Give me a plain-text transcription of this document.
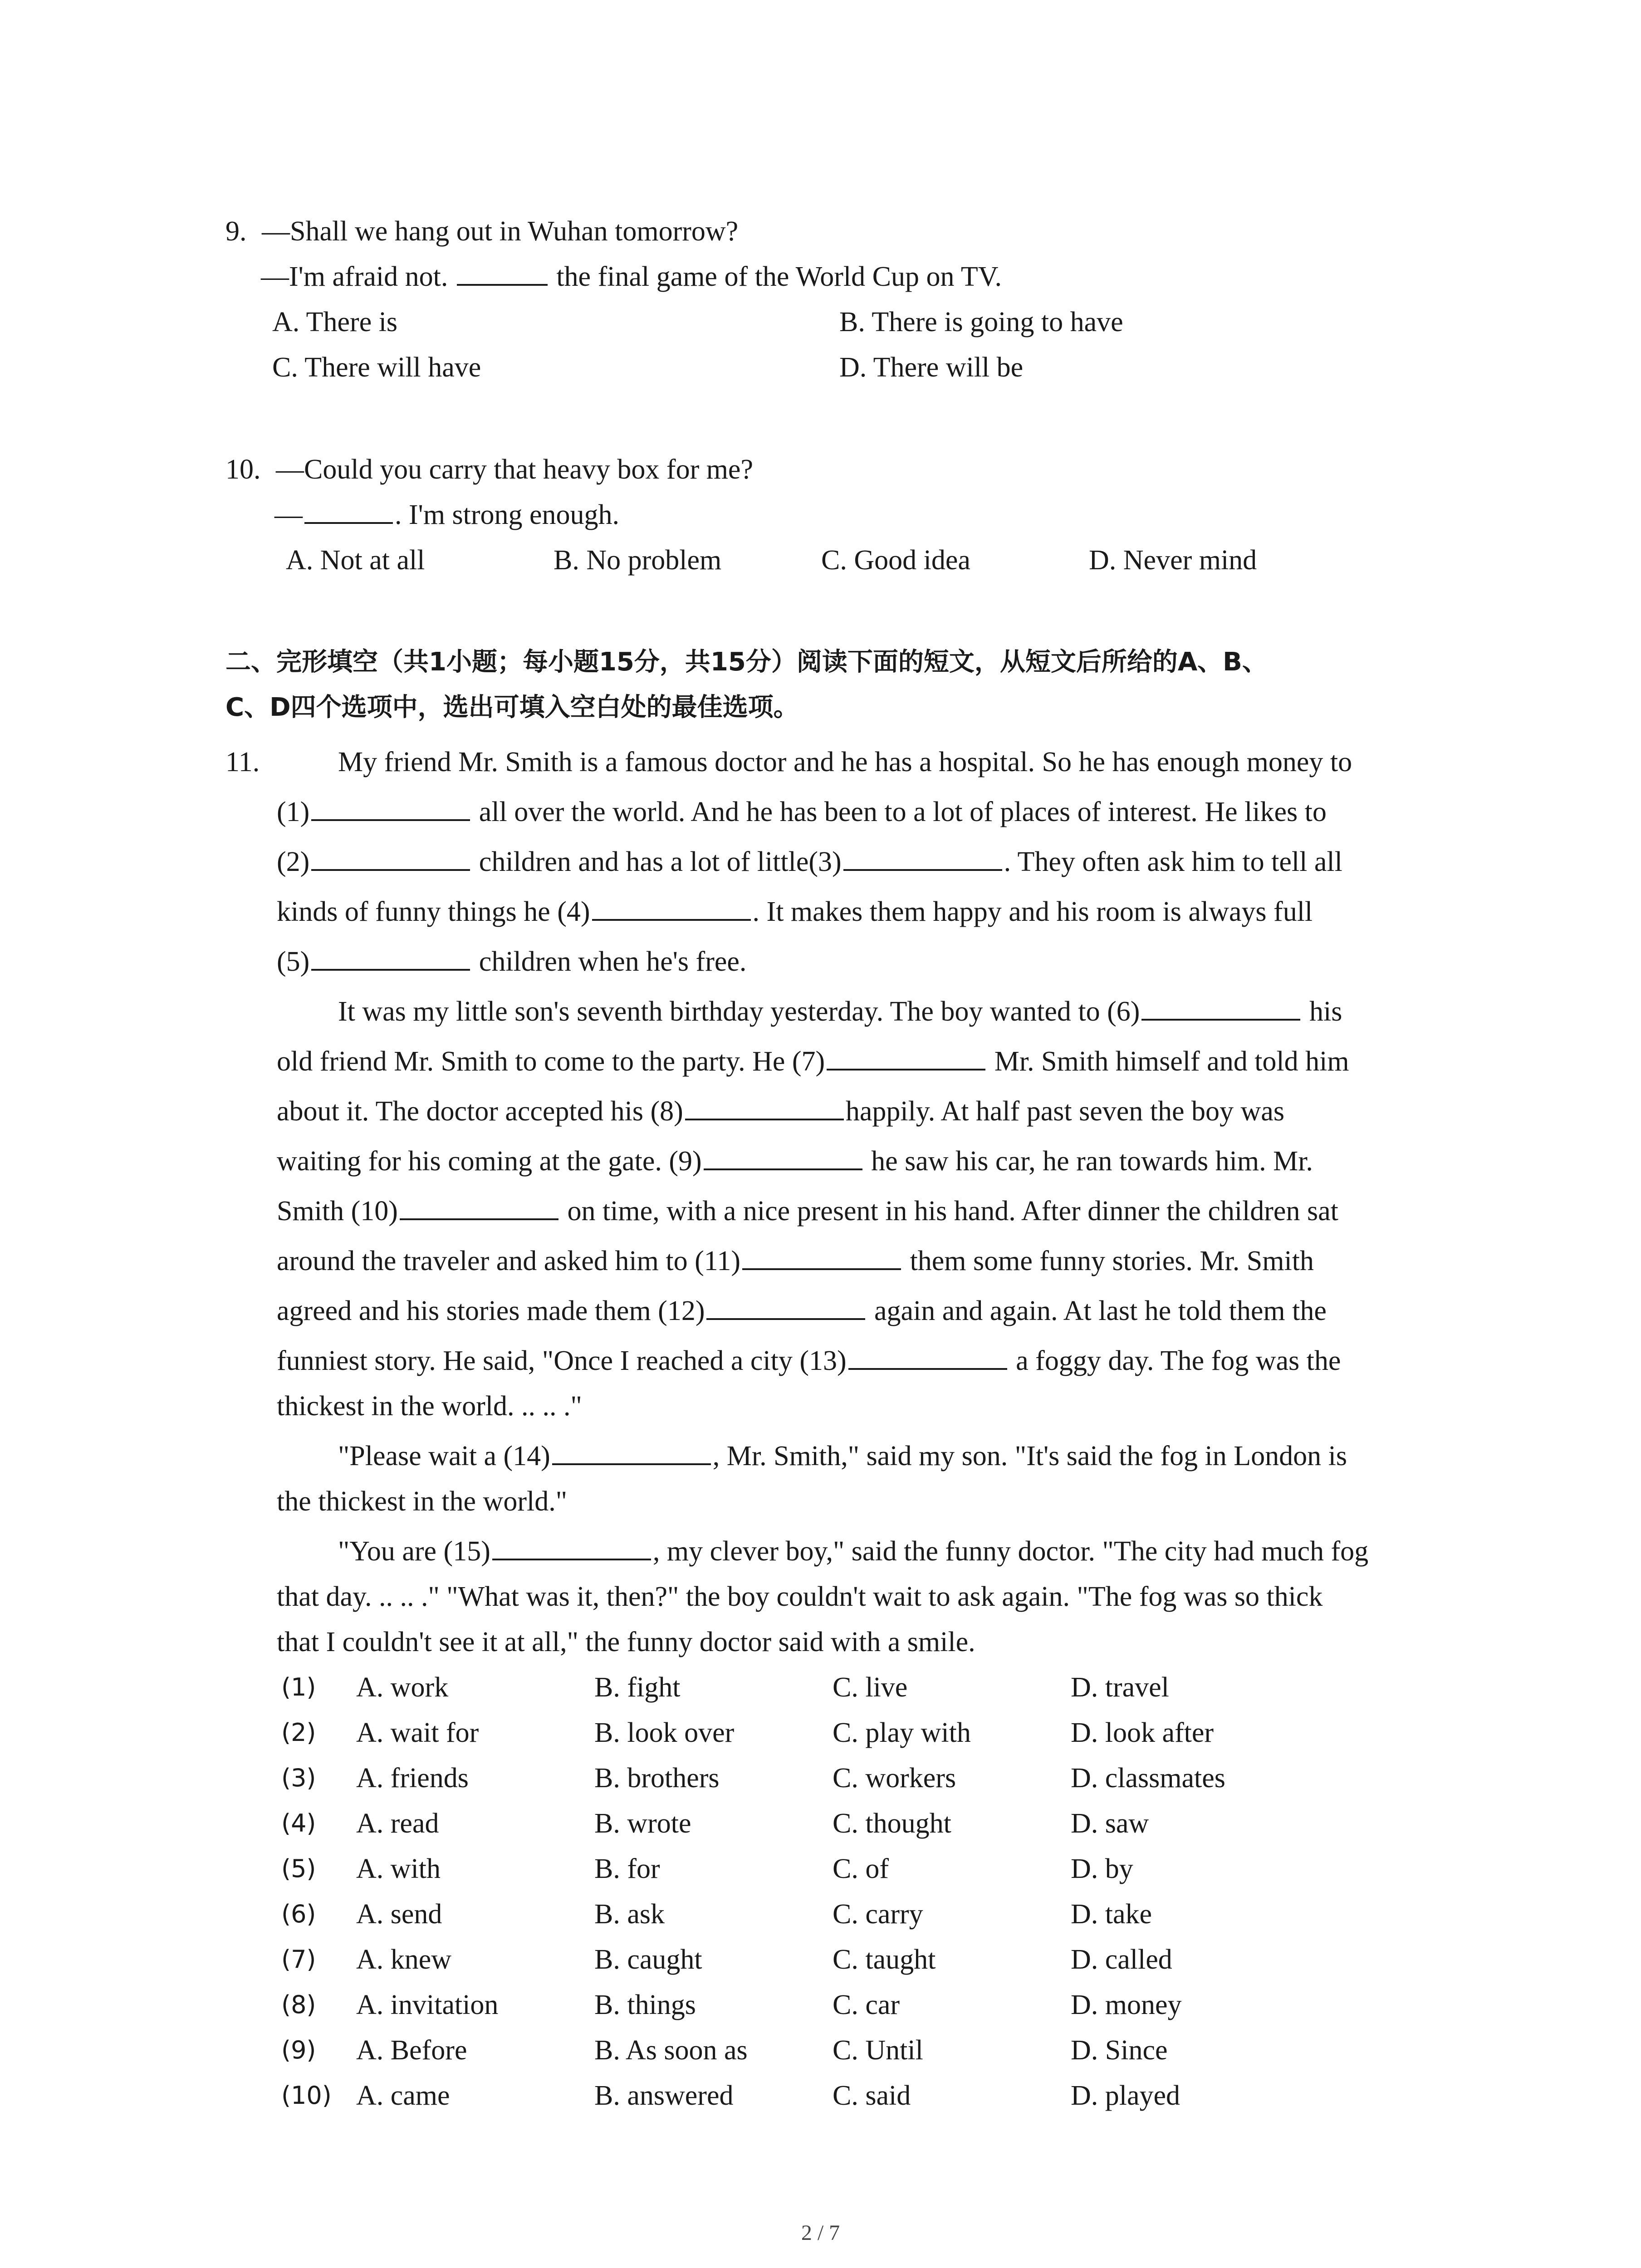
9. —Shall we hang out in Wuhan tomorrow?
—I'm afraid not.	the final game of the World Cup on TV.
A. There is	B. There is going to have
C. There will have	D. There will be
10. —Could you carry that heavy box for me?
—	. I'm strong enough.
A. Not at all	B. No problem	C. Good idea	D. Never mind
二、完形填空（共1小题；每小题15分，共15分）阅读下面的短文，从短文后所给的A、B、
C、D四个选项中，选出可填入空白处的最佳选项。
11.	My friend Mr. Smith is a famous doctor and he has a hospital. So he has enough money to
(1)	all over the world. And he has been to a lot of places of interest. He likes to
(2)	children and has a lot of little(3)	. They often ask him to tell all
kinds of funny things he (4)	. It makes them happy and his room is always full
(5)	children when he's free.
It was my little son's seventh birthday yesterday. The boy wanted to (6)	his
old friend Mr. Smith to come to the party. He (7)	Mr. Smith himself and told him
about it. The doctor accepted his (8)	happily. At half past seven the boy was
waiting for his coming at the gate. (9)	he saw his car, he ran towards him. Mr.
Smith (10)	on time, with a nice present in his hand. After dinner the children sat
around the traveler and asked him to (11)	them some funny stories. Mr. Smith
agreed and his stories made them (12)	again and again. At last he told them the
funniest story. He said, "Once I reached a city (13)	a foggy day. The fog was the
thickest in the world. .. .. ."
"Please wait a (14)	, Mr. Smith," said my son. "It's said the fog in London is
the thickest in the world."
"You are (15)	, my clever boy," said the funny doctor. "The city had much fog
that day. .. .. ." "What was it, then?" the boy couldn't wait to ask again. "The fog was so thick
that I couldn't see it at all," the funny doctor said with a smile.
(1) A. work	B. fight	C. live	D. travel
(2) A. wait for	B. look over	C. play with	D. look after
(3) A. friends	B. brothers	C. workers	D. classmates
(4) A. read	B. wrote	C. thought	D. saw
(5) A. with	B. for	C. of	D. by
(6) A. send	B. ask	C. carry	D. take
(7) A. knew	B. caught	C. taught	D. called
(8) A. invitation	B. things	C. car	D. money
(9) A. Before	B. As soon as	C. Until	D. Since
(10) A. came	B. answered	C. said	D. played
2 / 7
